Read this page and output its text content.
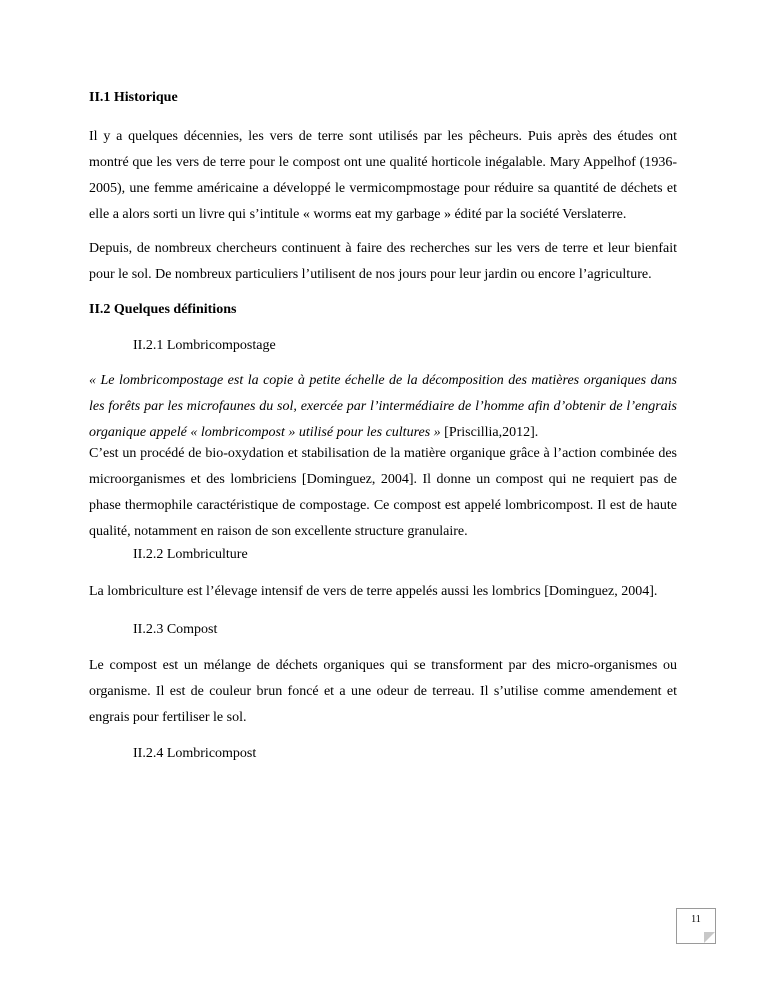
II.1 Historique

Il y a quelques décennies, les vers de terre sont utilisés par les pêcheurs. Puis après des études ont montré que les vers de terre pour le compost ont une qualité horticole inégalable. Mary Appelhof (1936-2005), une femme américaine a développé le vermicompmostage pour réduire sa quantité de déchets et elle a alors sorti un livre qui s’intitule « worms eat my garbage » édité par la société Verslaterre.

Depuis, de nombreux chercheurs continuent à faire des recherches sur les vers de terre et leur bienfait pour le sol. De nombreux particuliers l’utilisent de nos jours pour leur jardin ou encore l’agriculture.

II.2 Quelques définitions

II.2.1 Lombricompostage

« Le lombricompostage est la copie à petite échelle de la décomposition des matières organiques dans les forêts par les microfaunes du sol, exercée par l’intermédiaire de l’homme afin d’obtenir de l’engrais organique appelé « lombricompost » utilisé pour les cultures » [Priscillia,2012].

C’est un procédé de bio-oxydation et stabilisation de la matière organique grâce à l’action combinée des microorganismes et des lombriciens [Dominguez, 2004]. Il donne un compost qui ne requiert pas de phase thermophile caractéristique de compostage. Ce compost est appelé lombricompost. Il est de haute qualité, notamment en raison de son excellente structure granulaire.

II.2.2 Lombriculture

La lombriculture est l’élevage intensif de vers de terre appelés aussi les lombrics [Dominguez, 2004].

II.2.3 Compost

Le compost est un mélange de déchets organiques qui se transforment par des micro-organismes ou organisme. Il est de couleur brun foncé et a une odeur de terreau. Il s’utilise comme amendement et engrais pour fertiliser le sol.

II.2.4 Lombricompost

11
